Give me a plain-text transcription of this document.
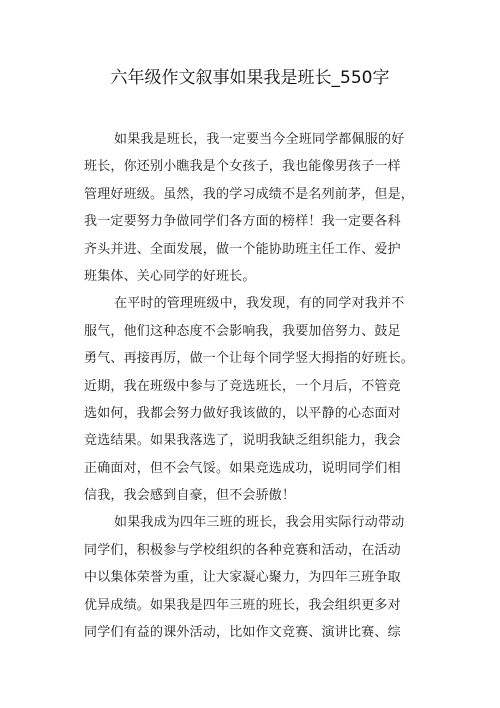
六年级作文叙事如果我是班长_550字
如果我是班长，我一定要当今全班同学都佩服的好
班长，你还别小瞧我是个女孩子，我也能像男孩子一样
管理好班级。虽然，我的学习成绩不是名列前茅，但是，
我一定要努力争做同学们各方面的榜样！我一定要各科
齐头并进、全面发展，做一个能协助班主任工作、爱护
班集体、关心同学的好班长。
在平时的管理班级中，我发现，有的同学对我并不
服气，他们这种态度不会影响我，我要加倍努力、鼓足
勇气、再接再厉，做一个让每个同学竖大拇指的好班长。
近期，我在班级中参与了竞选班长，一个月后，不管竞
选如何，我都会努力做好我该做的，以平静的心态面对
竞选结果。如果我落选了，说明我缺乏组织能力，我会
正确面对，但不会气馁。如果竞选成功，说明同学们相
信我，我会感到自豪，但不会骄傲！
如果我成为四年三班的班长，我会用实际行动带动
同学们，积极参与学校组织的各种竞赛和活动，在活动
中以集体荣誉为重，让大家凝心聚力，为四年三班争取
优异成绩。如果我是四年三班的班长，我会组织更多对
同学们有益的课外活动，比如作文竞赛、演讲比赛、综
